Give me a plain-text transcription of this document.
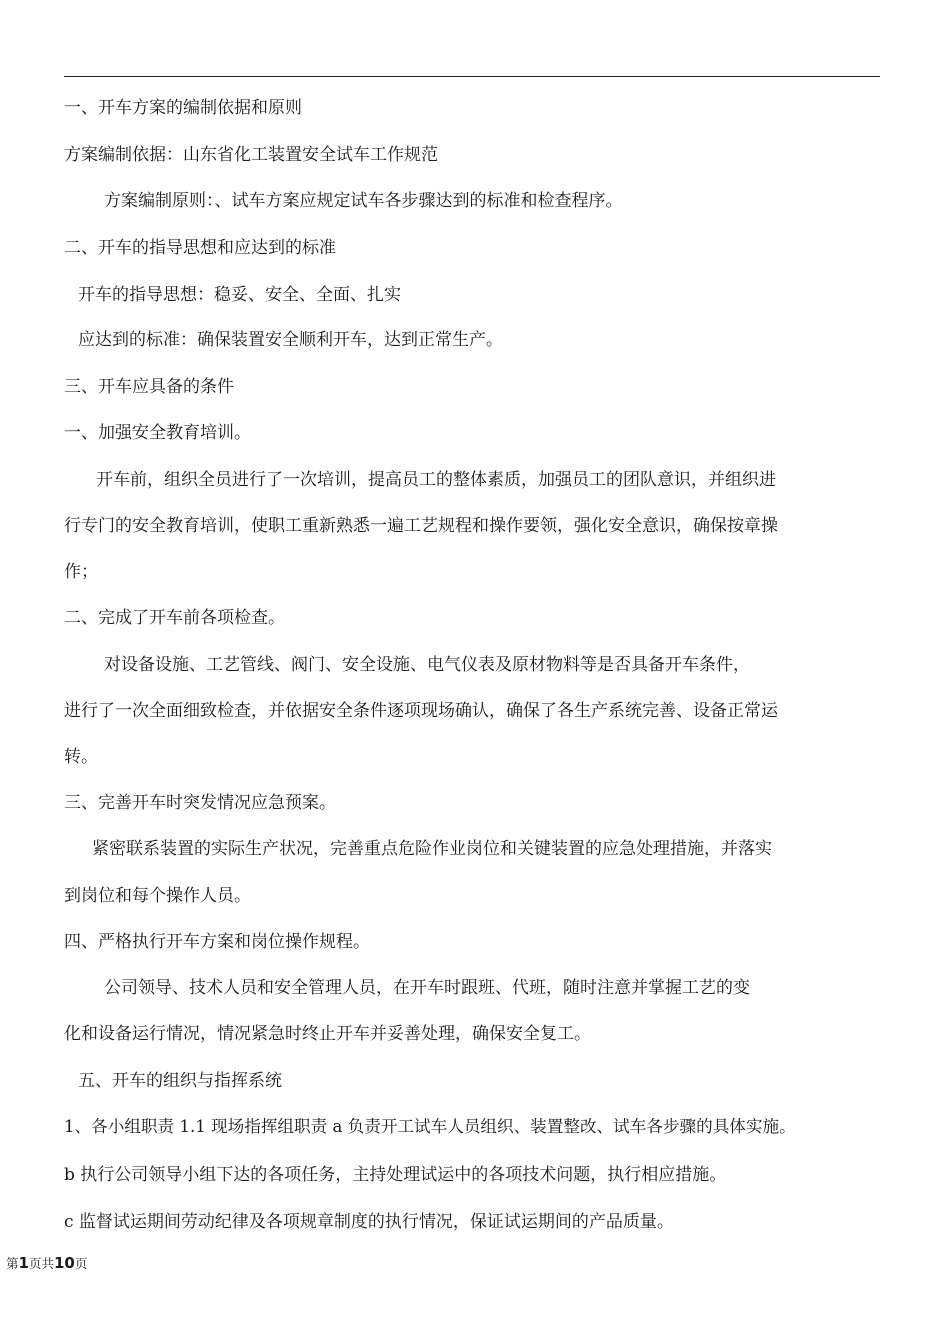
一、开车方案的编制依据和原则
方案编制依据：山东省化工装置安全试车工作规范
方案编制原则：、试车方案应规定试车各步骤达到的标准和检查程序。
二、开车的指导思想和应达到的标准
开车的指导思想：稳妥、安全、全面、扎实
应达到的标准：确保装置安全顺利开车，达到正常生产。
三、开车应具备的条件
一、加强安全教育培训。
开车前，组织全员进行了一次培训，提高员工的整体素质，加强员工的团队意识，并组织进
行专门的安全教育培训，使职工重新熟悉一遍工艺规程和操作要领，强化安全意识，确保按章操
作；
二、完成了开车前各项检查。
对设备设施、工艺管线、阀门、安全设施、电气仪表及原材物料等是否具备开车条件，
进行了一次全面细致检查，并依据安全条件逐项现场确认，确保了各生产系统完善、设备正常运
转。
三、完善开车时突发情况应急预案。
紧密联系装置的实际生产状况，完善重点危险作业岗位和关键装置的应急处理措施，并落实
到岗位和每个操作人员。
四、严格执行开车方案和岗位操作规程。
公司领导、技术人员和安全管理人员，在开车时跟班、代班，随时注意并掌握工艺的变
化和设备运行情况，情况紧急时终止开车并妥善处理，确保安全复工。
五、开车的组织与指挥系统
1、各小组职责 1.1 现场指挥组职责 a 负责开工试车人员组织、装置整改、试车各步骤的具体实施。
b 执行公司领导小组下达的各项任务，主持处理试运中的各项技术问题，执行相应措施。
c 监督试运期间劳动纪律及各项规章制度的执行情况，保证试运期间的产品质量。
第1页共10页
